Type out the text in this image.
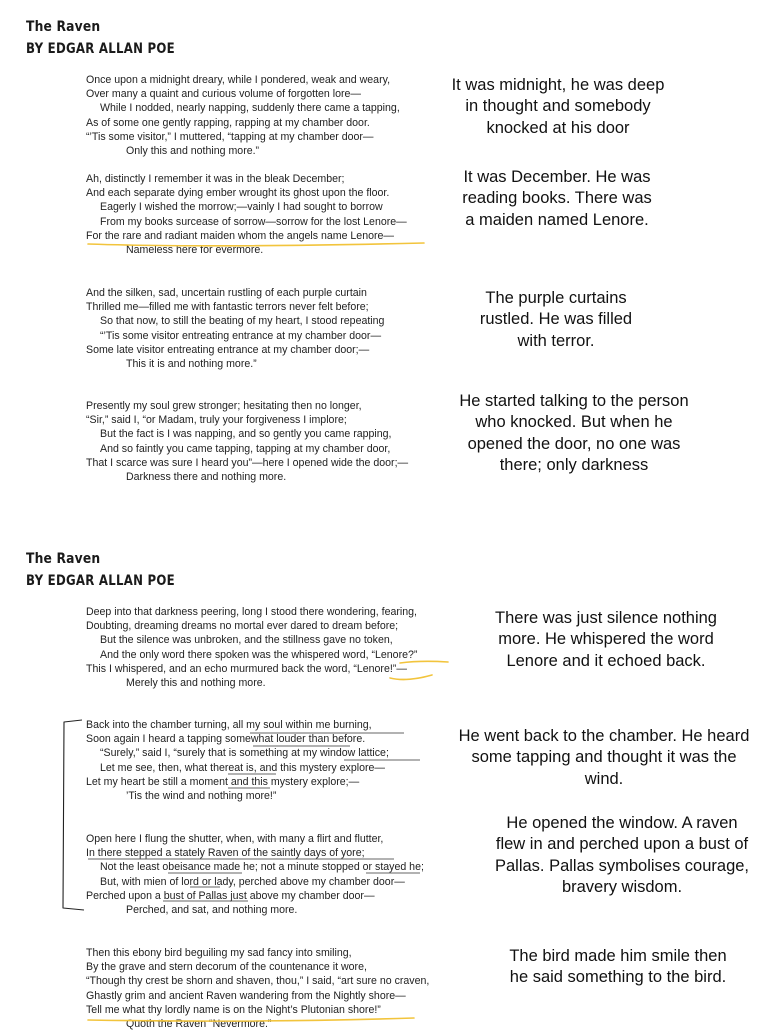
The Raven
BY EDGAR ALLAN POE
Once upon a midnight dreary, while I pondered, weak and weary,
Over many a quaint and curious volume of forgotten lore—
While I nodded, nearly napping, suddenly there came a tapping,
As of some one gently rapping, rapping at my chamber door.
“’Tis some visitor,” I muttered, “tapping at my chamber door—
Only this and nothing more.”
It was midnight, he was deep in thought and somebody knocked at his door
Ah, distinctly I remember it was in the bleak December;
And each separate dying ember wrought its ghost upon the floor.
Eagerly I wished the morrow;—vainly I had sought to borrow
From my books surcease of sorrow—sorrow for the lost Lenore—
For the rare and radiant maiden whom the angels name Lenore—
Nameless here for evermore.
It was December. He was reading books. There was a maiden named Lenore.
And the silken, sad, uncertain rustling of each purple curtain
Thrilled me—filled me with fantastic terrors never felt before;
So that now, to still the beating of my heart, I stood repeating
“’Tis some visitor entreating entrance at my chamber door—
Some late visitor entreating entrance at my chamber door;—
This it is and nothing more.”
The purple curtains rustled. He was filled with terror.
Presently my soul grew stronger; hesitating then no longer,
“Sir,” said I, “or Madam, truly your forgiveness I implore;
But the fact is I was napping, and so gently you came rapping,
And so faintly you came tapping, tapping at my chamber door,
That I scarce was sure I heard you”—here I opened wide the door;—
Darkness there and nothing more.
He started talking to the person who knocked. But when he opened the door, no one was there; only darkness
The Raven
BY EDGAR ALLAN POE
Deep into that darkness peering, long I stood there wondering, fearing,
Doubting, dreaming dreams no mortal ever dared to dream before;
But the silence was unbroken, and the stillness gave no token,
And the only word there spoken was the whispered word, “Lenore?”
This I whispered, and an echo murmured back the word, “Lenore!”—
Merely this and nothing more.
There was just silence nothing more. He whispered the word Lenore and it echoed back.
Back into the chamber turning, all my soul within me burning,
Soon again I heard a tapping somewhat louder than before.
“Surely,” said I, “surely that is something at my window lattice;
Let me see, then, what thereat is, and this mystery explore—
Let my heart be still a moment and this mystery explore;—
’Tis the wind and nothing more!”
He went back to the chamber. He heard some tapping and thought it was the wind.
Open here I flung the shutter, when, with many a flirt and flutter,
In there stepped a stately Raven of the saintly days of yore;
Not the least obeisance made he; not a minute stopped or stayed he;
But, with mien of lord or lady, perched above my chamber door—
Perched upon a bust of Pallas just above my chamber door—
Perched, and sat, and nothing more.
He opened the window. A raven flew in and perched upon a bust of Pallas. Pallas symbolises courage, bravery wisdom.
Then this ebony bird beguiling my sad fancy into smiling,
By the grave and stern decorum of the countenance it wore,
“Though thy crest be shorn and shaven, thou,” I said, “art sure no craven,
Ghastly grim and ancient Raven wandering from the Nightly shore—
Tell me what thy lordly name is on the Night’s Plutonian shore!”
Quoth the Raven “Nevermore.”
The bird made him smile then he said something to the bird.
